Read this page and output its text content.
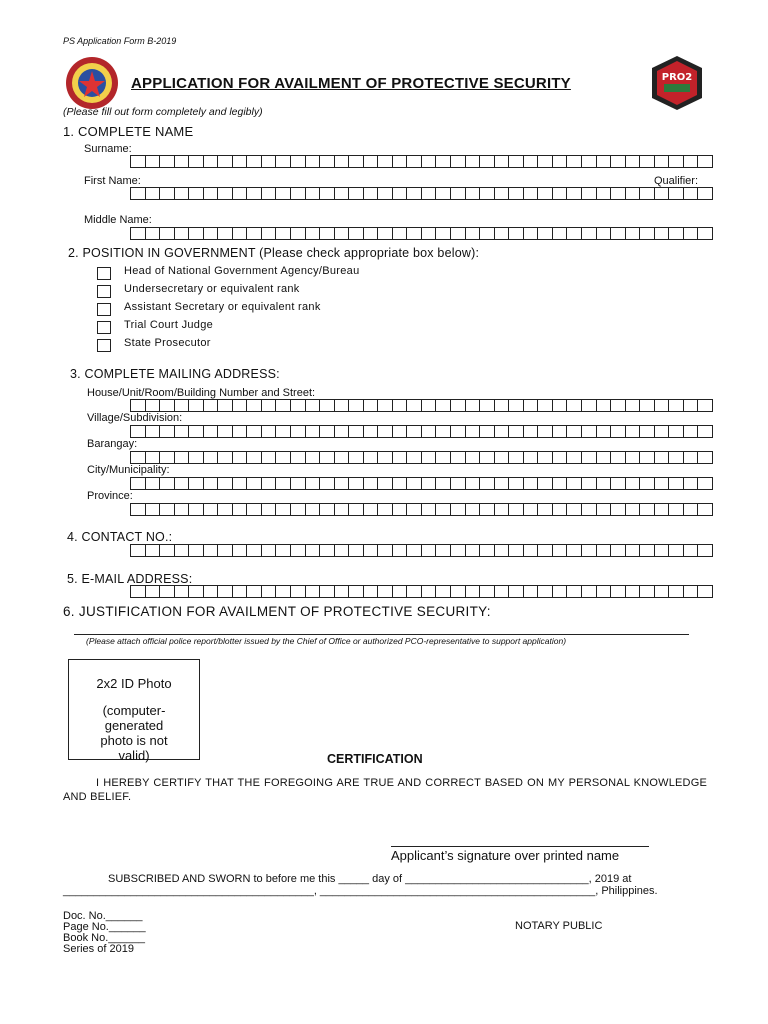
PS Application Form B-2019
APPLICATION FOR AVAILMENT OF PROTECTIVE SECURITY	PRO2
(Please fill out form completely and legibly)
1. COMPLETE NAME
Surname:
First Name:	Qualifier:
Middle Name:
2. POSITION IN GOVERNMENT (Please check appropriate box below):
Head of National Government Agency/Bureau
Undersecretary or equivalent rank
Assistant Secretary or equivalent rank
Trial Court Judge
State Prosecutor
3. COMPLETE MAILING ADDRESS:
House/Unit/Room/Building Number and Street:
Village/Subdivision:
Barangay:
City/Municipality:
Province:
4. CONTACT NO.:
5. E-MAIL ADDRESS:
6. JUSTIFICATION FOR AVAILMENT OF PROTECTIVE SECURITY:
(Please attach official police report/blotter issued by the Chief of Office or authorized PCO-representative to support application)
2x2 ID Photo
(computer-generated photo is not valid)	CERTIFICATION
I HEREBY CERTIFY THAT THE FOREGOING ARE TRUE AND CORRECT BASED ON MY PERSONAL KNOWLEDGE AND BELIEF.
Applicant’s signature over printed name
SUBSCRIBED AND SWORN to before me this _____ day of ______________________________, 2019 at
_________________________________________, _____________________________________________, Philippines.
Doc. No.______
Page No.______
Book No.______
Series of 2019
NOTARY PUBLIC
